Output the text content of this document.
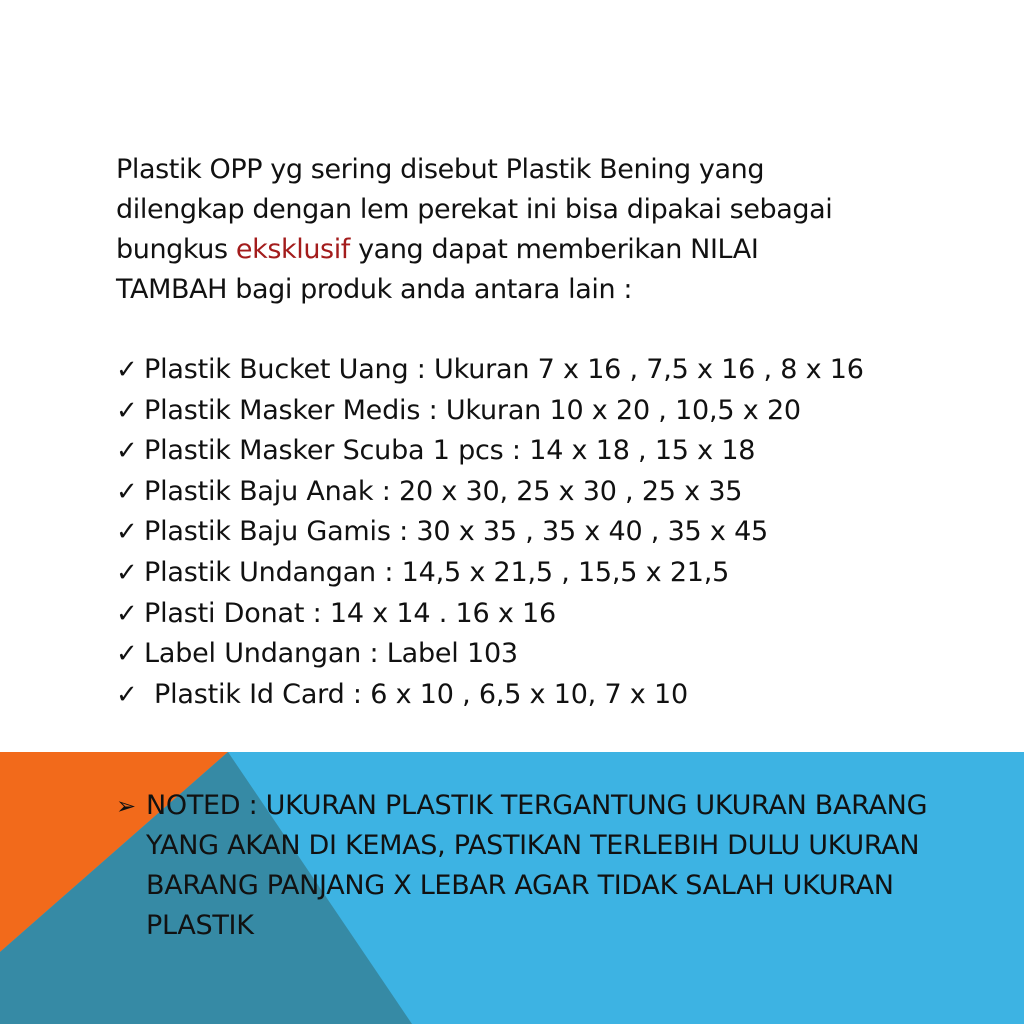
Plastik OPP yg sering disebut Plastik Bening yang dilengkap dengan lem perekat ini bisa dipakai sebagai bungkus eksklusif yang dapat memberikan NILAI TAMBAH bagi produk anda antara lain :

✓ Plastik Bucket Uang : Ukuran 7 x 16 , 7,5 x 16 , 8 x 16
✓ Plastik Masker Medis : Ukuran 10 x 20 , 10,5 x 20
✓ Plastik Masker Scuba 1 pcs : 14 x 18 , 15 x 18
✓ Plastik Baju Anak : 20 x 30, 25 x 30 , 25 x 35
✓ Plastik Baju Gamis : 30 x 35 , 35 x 40 , 35 x 45
✓ Plastik Undangan : 14,5 x 21,5 , 15,5 x 21,5
✓ Plasti Donat : 14 x 14 . 16 x 16
✓ Label Undangan : Label 103
✓ Plastik Id Card : 6 x 10 , 6,5 x 10, 7 x 10
➢ NOTED : UKURAN PLASTIK TERGANTUNG UKURAN BARANG YANG AKAN DI KEMAS, PASTIKAN TERLEBIH DULU UKURAN BARANG PANJANG X LEBAR AGAR TIDAK SALAH UKURAN PLASTIK
